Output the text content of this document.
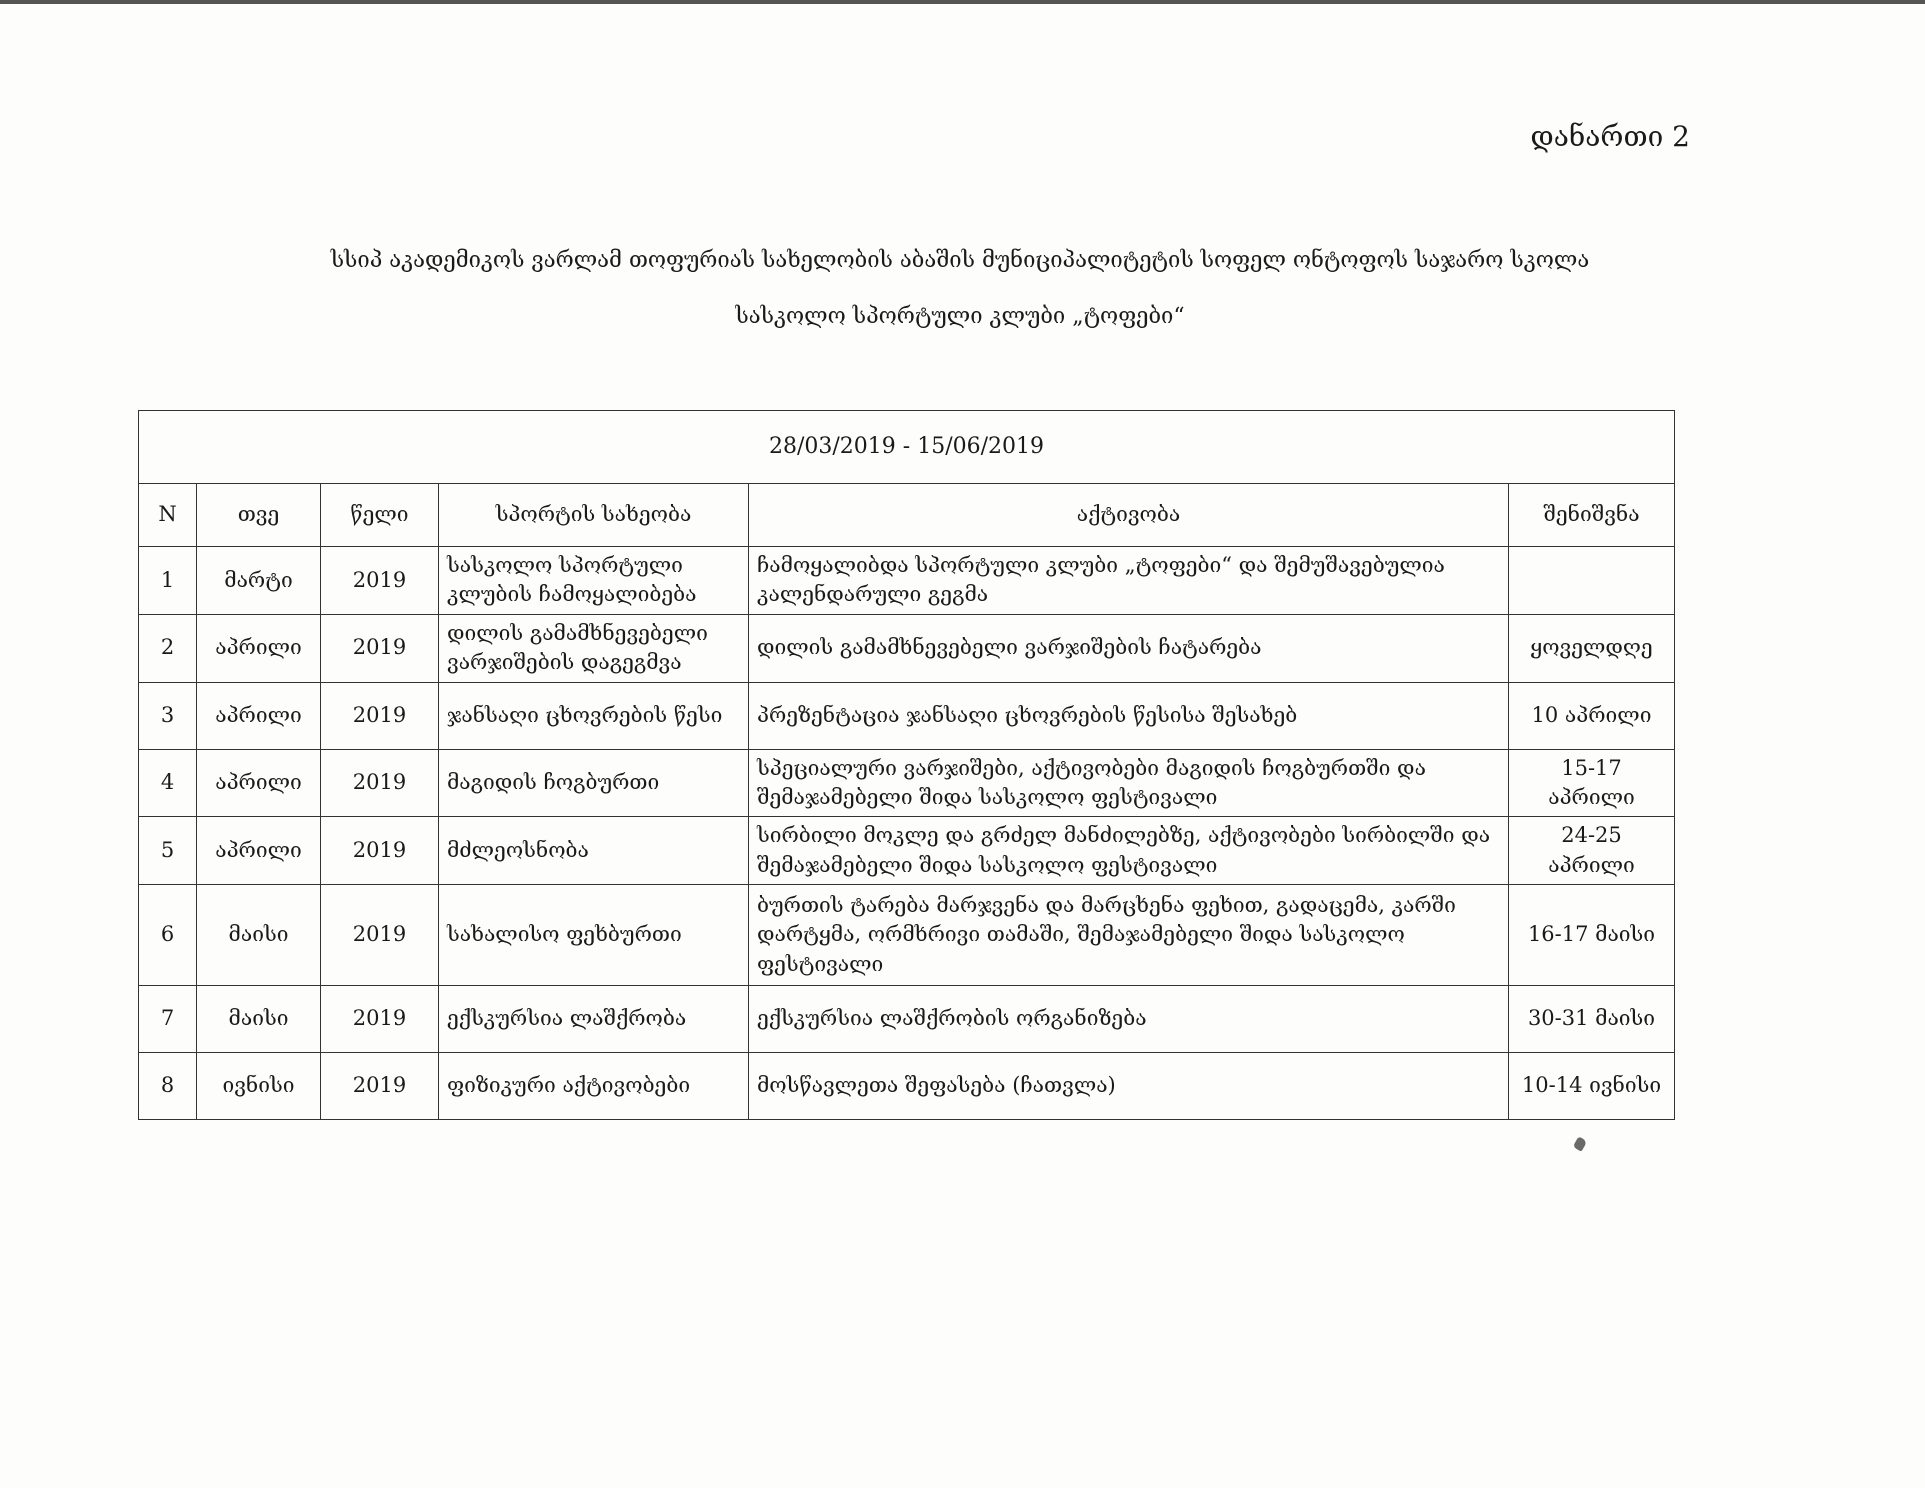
დანართი 2
სსიპ აკადემიკოს ვარლამ თოფურიას სახელობის აბაშის მუნიციპალიტეტის სოფელ ონტოფოს საჯარო სკოლა
სასკოლო სპორტული კლუბი „ტოფები“
28/03/2019 - 15/06/2019					
N	თვე	წელი	სპორტის სახეობა	აქტივობა	შენიშვნა
1	მარტი	2019	სასკოლო სპორტული კლუბის ჩამოყალიბება	ჩამოყალიბდა სპორტული კლუბი „ტოფები“ და შემუშავებულია კალენდარული გეგმა	
2	აპრილი	2019	დილის გამამხნევებელი ვარჯიშების დაგეგმვა	დილის გამამხნევებელი ვარჯიშების ჩატარება	ყოველდღე
3	აპრილი	2019	ჯანსაღი ცხოვრების წესი	პრეზენტაცია ჯანსაღი ცხოვრების წესისა შესახებ	10 აპრილი
4	აპრილი	2019	მაგიდის ჩოგბურთი	სპეციალური ვარჯიშები, აქტივობები მაგიდის ჩოგბურთში და შემაჯამებელი შიდა სასკოლო ფესტივალი	15-17 აპრილი
5	აპრილი	2019	მძლეოსნობა	სირბილი მოკლე და გრძელ მანძილებზე, აქტივობები სირბილში და შემაჯამებელი შიდა სასკოლო ფესტივალი	24-25 აპრილი
6	მაისი	2019	სახალისო ფეხბურთი	ბურთის ტარება მარჯვენა და მარცხენა ფეხით, გადაცემა, კარში დარტყმა, ორმხრივი თამაში, შემაჯამებელი შიდა სასკოლო ფესტივალი	16-17 მაისი
7	მაისი	2019	ექსკურსია ლაშქრობა	ექსკურსია ლაშქრობის ორგანიზება	30-31 მაისი
8	ივნისი	2019	ფიზიკური აქტივობები	მოსწავლეთა შეფასება (ჩათვლა)	10-14 ივნისი
